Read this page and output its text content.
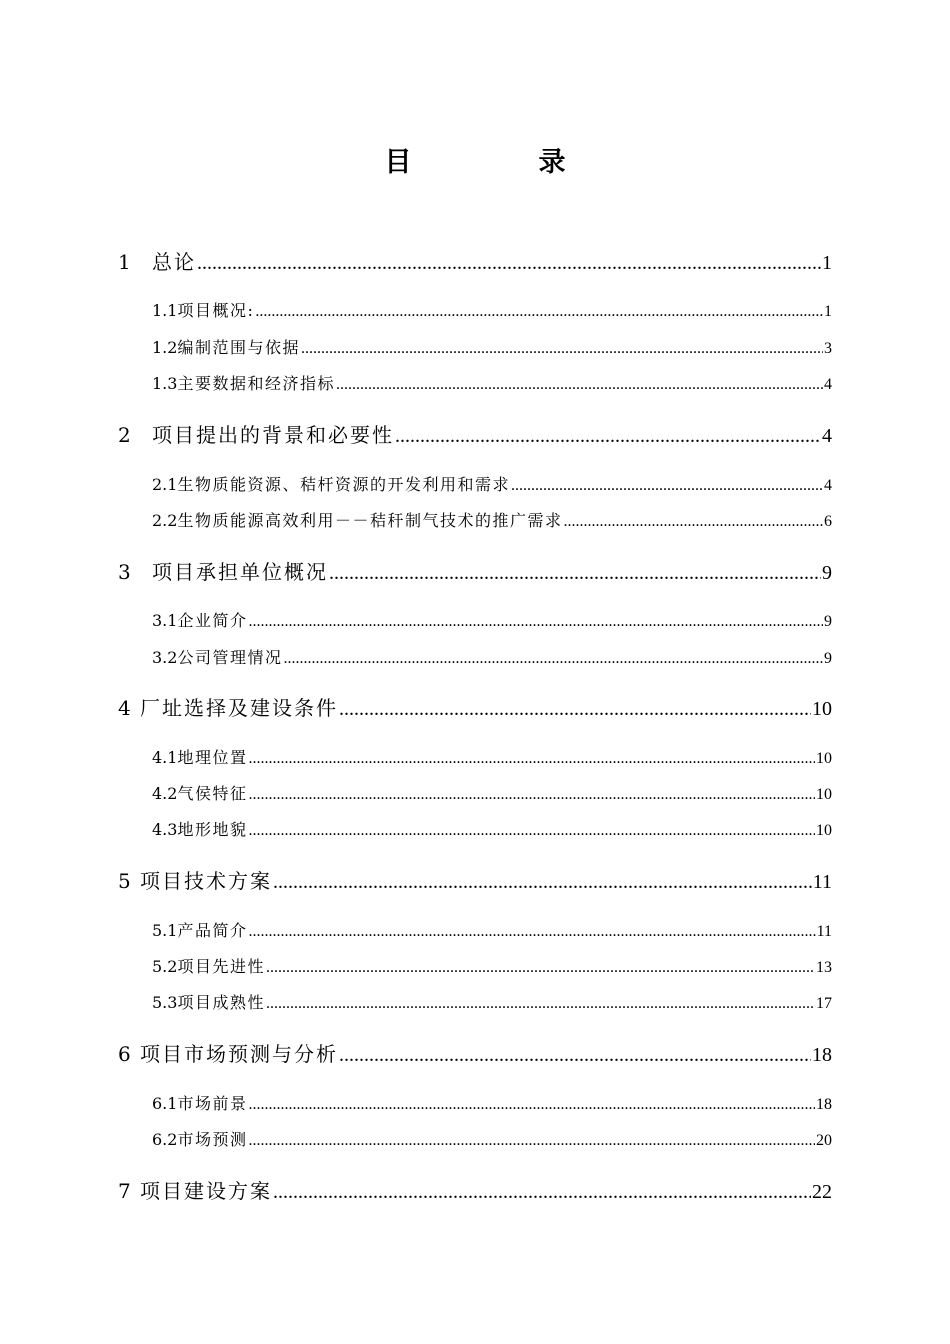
目　录
1	总论 .....	1
1.1 项目概况: .....	1
1.2 编制范围与依据 .....	3
1.3 主要数据和经济指标 .....	4
2	项目提出的背景和必要性 .....	4
2.1 生物质能资源、秸杆资源的开发利用和需求 .....	4
2.2 生物质能源高效利用－－秸秆制气技术的推广需求 .....	6
3	项目承担单位概况 .....	9
3.1 企业简介 .....	9
3.2 公司管理情况 .....	9
4 厂址选择及建设条件 .....	10
4.1 地理位置 .....	10
4.2 气侯特征 .....	10
4.3 地形地貌 .....	10
5 项目技术方案 .....	11
5.1 产品简介 .....	11
5.2 项目先进性 .....	13
5.3 项目成熟性 .....	17
6 项目市场预测与分析 .....	18
6.1 市场前景 .....	18
6.2 市场预测 .....	20
7 项目建设方案 .....	22
